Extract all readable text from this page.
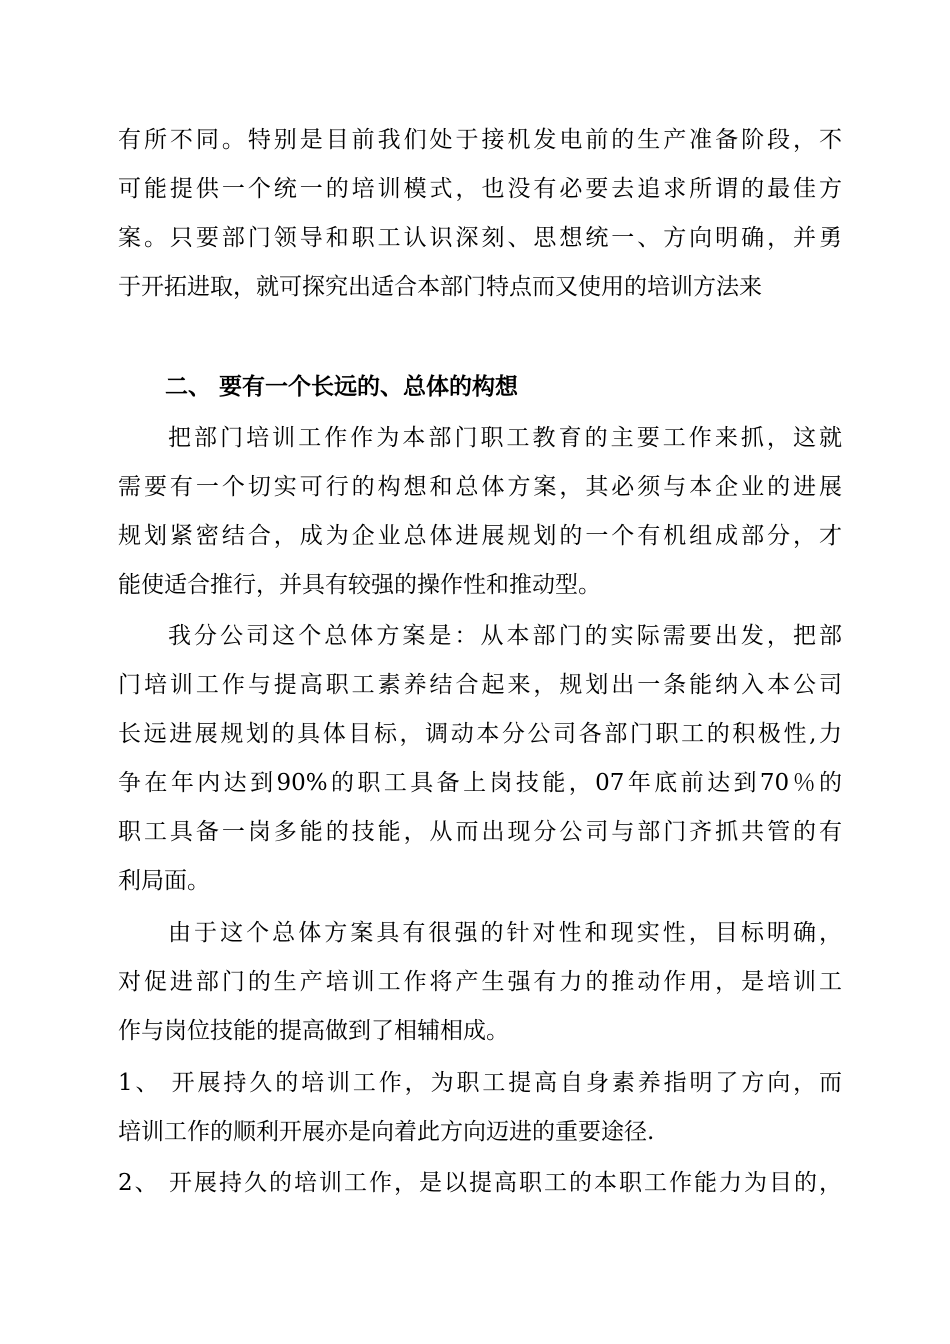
有所不同。特别是目前我们处于接机发电前的生产准备阶段，不
可能提供一个统一的培训模式，也没有必要去追求所谓的最佳方
案。只要部门领导和职工认识深刻、思想统一、方向明确，并勇
于开拓进取，就可探究出适合本部门特点而又使用的培训方法来
二、 要有一个长远的、总体的构想
把部门培训工作作为本部门职工教育的主要工作来抓，这就
需要有一个切实可行的构想和总体方案，其必须与本企业的进展
规划紧密结合，成为企业总体进展规划的一个有机组成部分，才
能使适合推行，并具有较强的操作性和推动型。
我分公司这个总体方案是：从本部门的实际需要出发，把部
门培训工作与提高职工素养结合起来，规划出一条能纳入本公司
长远进展规划的具体目标，调动本分公司各部门职工的积极性,力
争在年内达到90%的职工具备上岗技能，07年底前达到70％的
职工具备一岗多能的技能，从而出现分公司与部门齐抓共管的有
利局面。
由于这个总体方案具有很强的针对性和现实性，目标明确，
对促进部门的生产培训工作将产生强有力的推动作用，是培训工
作与岗位技能的提高做到了相辅相成。
1、 开展持久的培训工作，为职工提高自身素养指明了方向，而
培训工作的顺利开展亦是向着此方向迈进的重要途径.
2、 开展持久的培训工作，是以提高职工的本职工作能力为目的，
